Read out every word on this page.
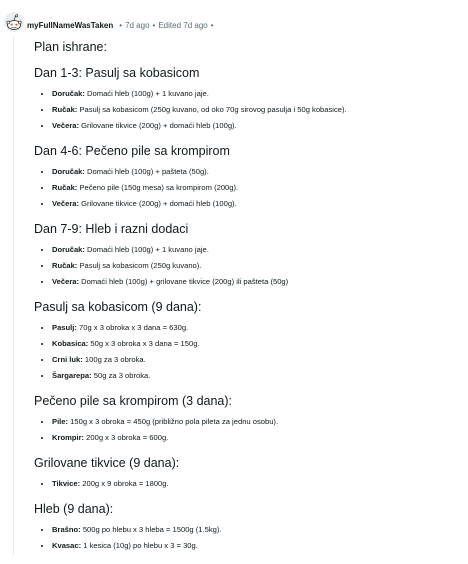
myFullNameWasTaken • 7d ago • Edited 7d ago •

Plan ishrane:

Dan 1-3: Pasulj sa kobasicom
• Doručak: Domaći hleb (100g) + 1 kuvano jaje.
• Ručak: Pasulj sa kobasicom (250g kuvano, od oko 70g sirovog pasulja i 50g kobasice).
• Večera: Grilovane tikvice (200g) + domaći hleb (100g).
Dan 4-6: Pečeno pile sa krompirom
• Doručak: Domaći hleb (100g) + pašteta (50g).
• Ručak: Pečeno pile (150g mesa) sa krompirom (200g).
• Večera: Grilovane tikvice (200g) + domaći hleb (100g).
Dan 7-9: Hleb i razni dodaci
• Doručak: Domaći hleb (100g) + 1 kuvano jaje.
• Ručak: Pasulj sa kobasicom (250g kuvano).
• Večera: Domaći hleb (100g) + grilovane tikvice (200g) ili pašteta (50g)
Pasulj sa kobasicom (9 dana):
• Pasulj: 70g x 3 obroka x 3 dana = 630g.
• Kobasica: 50g x 3 obroka x 3 dana = 150g.
• Crni luk: 100g za 3 obroka.
• Šargarepa: 50g za 3 obroka.
Pečeno pile sa krompirom (3 dana):
• Pile: 150g x 3 obroka = 450g (približno pola pileta za jednu osobu).
• Krompir: 200g x 3 obroka = 600g.
Grilovane tikvice (9 dana):
• Tikvice: 200g x 9 obroka = 1800g.
Hleb (9 dana):
• Brašno: 500g po hlebu x 3 hleba = 1500g (1.5kg).
• Kvasac: 1 kesica (10g) po hlebu x 3 = 30g.
